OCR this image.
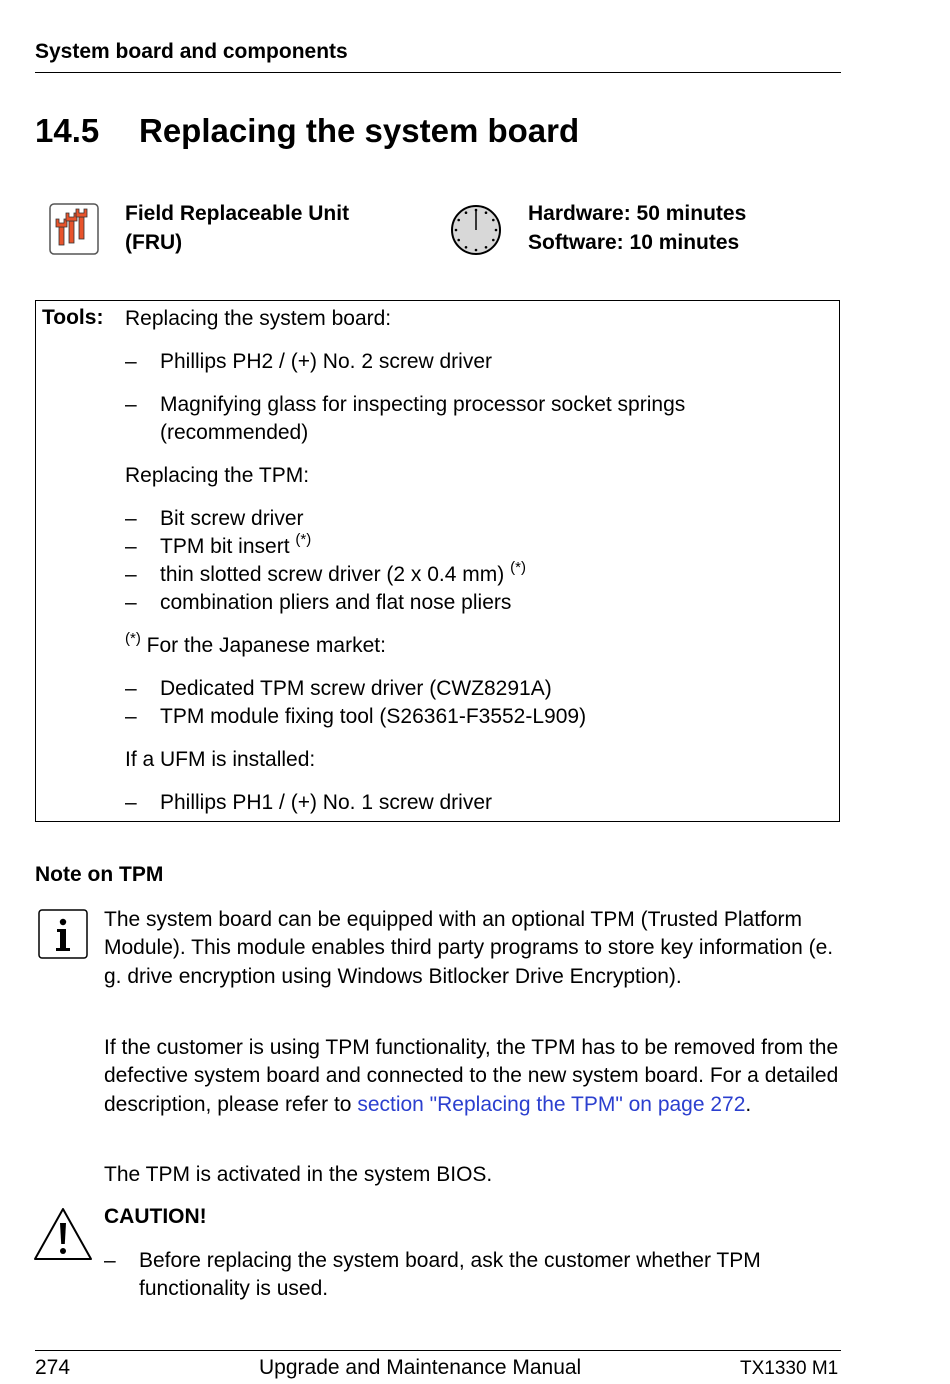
System board and components
14.5 Replacing the system board
Field Replaceable Unit
(FRU)
Hardware: 50 minutes
Software: 10 minutes
Tools: Replacing the system board:
– Phillips PH2 / (+) No. 2 screw driver
– Magnifying glass for inspecting processor socket springs
(recommended)
Replacing the TPM:
– Bit screw driver
– TPM bit insert (*)
– thin slotted screw driver (2 x 0.4 mm) (*)
– combination pliers and flat nose pliers
(*) For the Japanese market:
– Dedicated TPM screw driver (CWZ8291A)
– TPM module fixing tool (S26361-F3552-L909)
If a UFM is installed:
– Phillips PH1 / (+) No. 1 screw driver
Note on TPM
The system board can be equipped with an optional TPM (Trusted Platform Module). This module enables third party programs to store key information (e. g. drive encryption using Windows Bitlocker Drive Encryption).
If the customer is using TPM functionality, the TPM has to be removed from the defective system board and connected to the new system board. For a detailed description, please refer to section "Replacing the TPM" on page 272.
The TPM is activated in the system BIOS.
CAUTION!
– Before replacing the system board, ask the customer whether TPM
functionality is used.
274	Upgrade and Maintenance Manual	TX1330 M1
